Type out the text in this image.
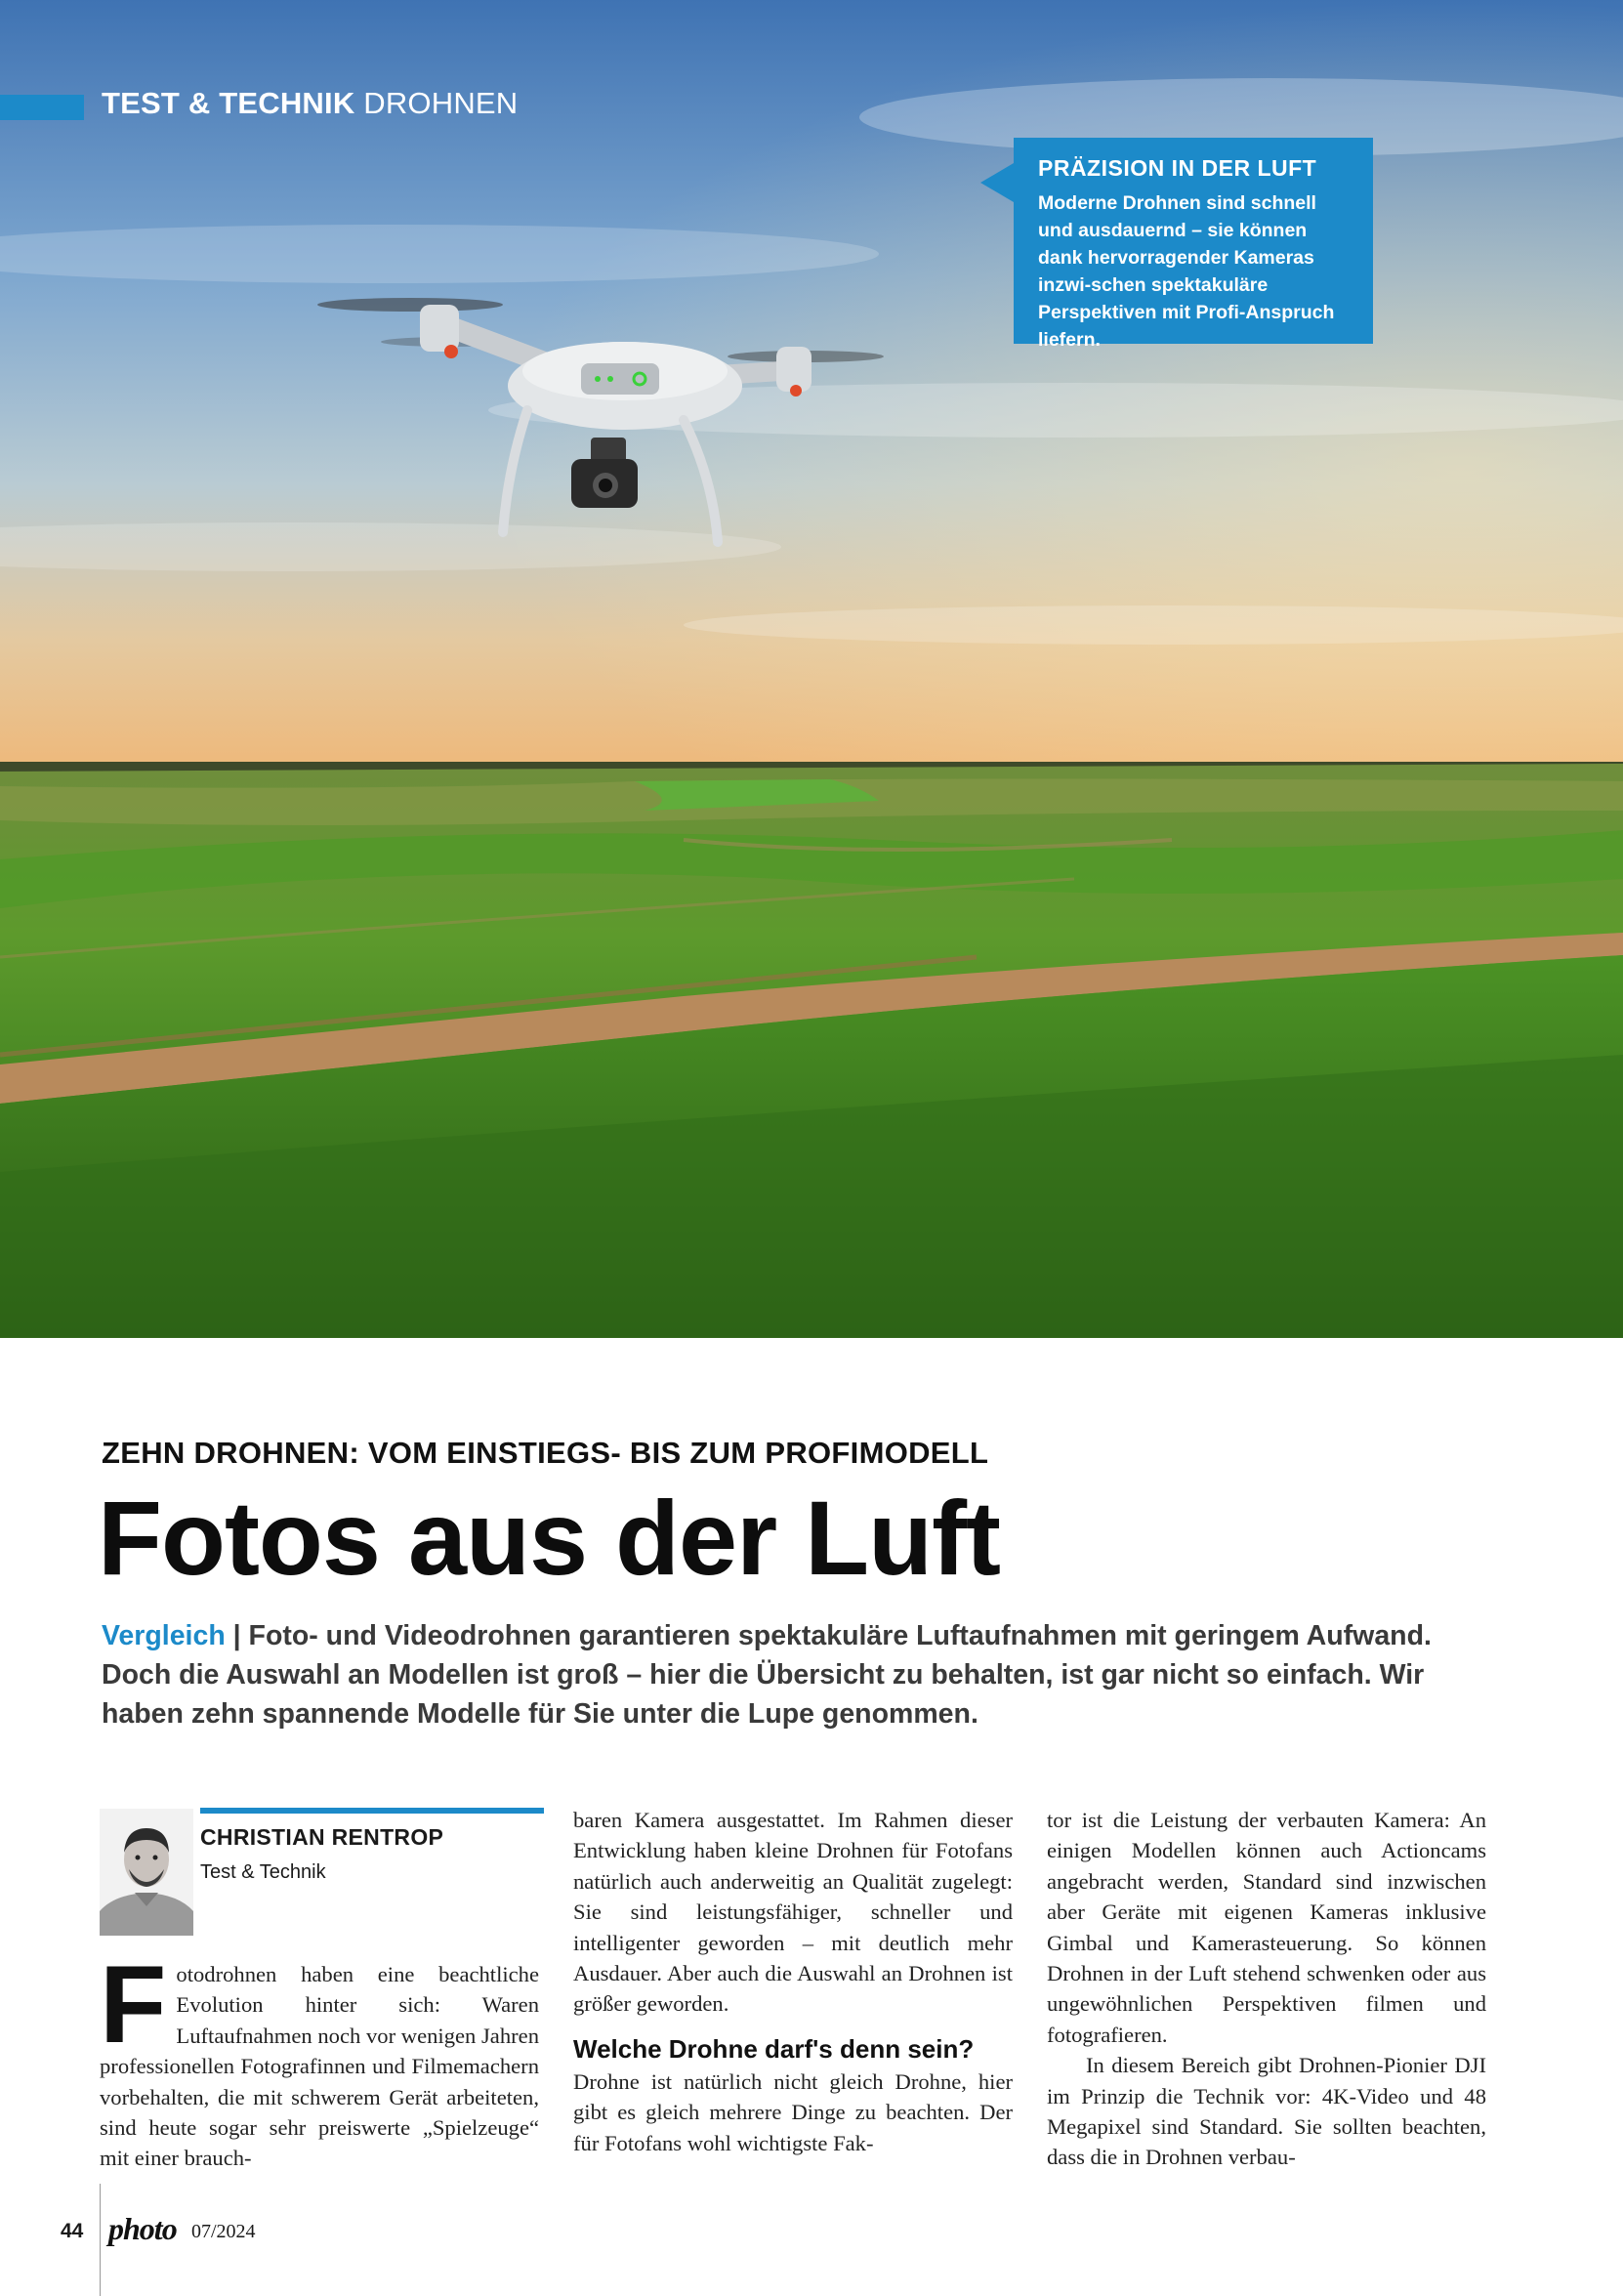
TEST & TECHNIK DROHNEN
PRÄZISION IN DER LUFT
Moderne Drohnen sind schnell und ausdauernd – sie können dank hervorragender Kameras inzwi-schen spektakuläre Perspektiven mit Profi-Anspruch liefern.
ZEHN DROHNEN: VOM EINSTIEGS- BIS ZUM PROFIMODELL
Fotos aus der Luft

Vergleich | Foto- und Videodrohnen garantieren spektakuläre Luftaufnahmen mit geringem Aufwand. Doch die Auswahl an Modellen ist groß – hier die Übersicht zu behalten, ist gar nicht so einfach. Wir haben zehn spannende Modelle für Sie unter die Lupe genommen.

CHRISTIAN RENTROP
Test & Technik

Fotodrohnen haben eine beachtliche Evolution hinter sich: Waren Luftaufnahmen noch vor wenigen Jahren professionellen Fotografinnen und Filmemachern vorbehalten, die mit schwerem Gerät arbeiteten, sind heute sogar sehr preiswerte „Spielzeuge“ mit einer brauch-

baren Kamera ausgestattet. Im Rahmen dieser Entwicklung haben kleine Drohnen für Fotofans natürlich auch anderweitig an Qualität zugelegt: Sie sind leistungsfähiger, schneller und intelligenter geworden – mit deutlich mehr Ausdauer. Aber auch die Auswahl an Drohnen ist größer geworden.

Welche Drohne darf's denn sein?

Drohne ist natürlich nicht gleich Drohne, hier gibt es gleich mehrere Dinge zu beachten. Der für Fotofans wohl wichtigste Fak-

tor ist die Leistung der verbauten Kamera: An einigen Modellen können auch Actioncams angebracht werden, Standard sind inzwischen aber Geräte mit eigenen Kameras inklusive Gimbal und Kamerasteuerung. So können Drohnen in der Luft stehend schwenken oder aus ungewöhnlichen Perspektiven filmen und fotografieren.

In diesem Bereich gibt Drohnen-Pionier DJI im Prinzip die Technik vor: 4K-Video und 48 Megapixel sind Standard. Sie sollten beachten, dass die in Drohnen verbau-

44 photo 07/2024
